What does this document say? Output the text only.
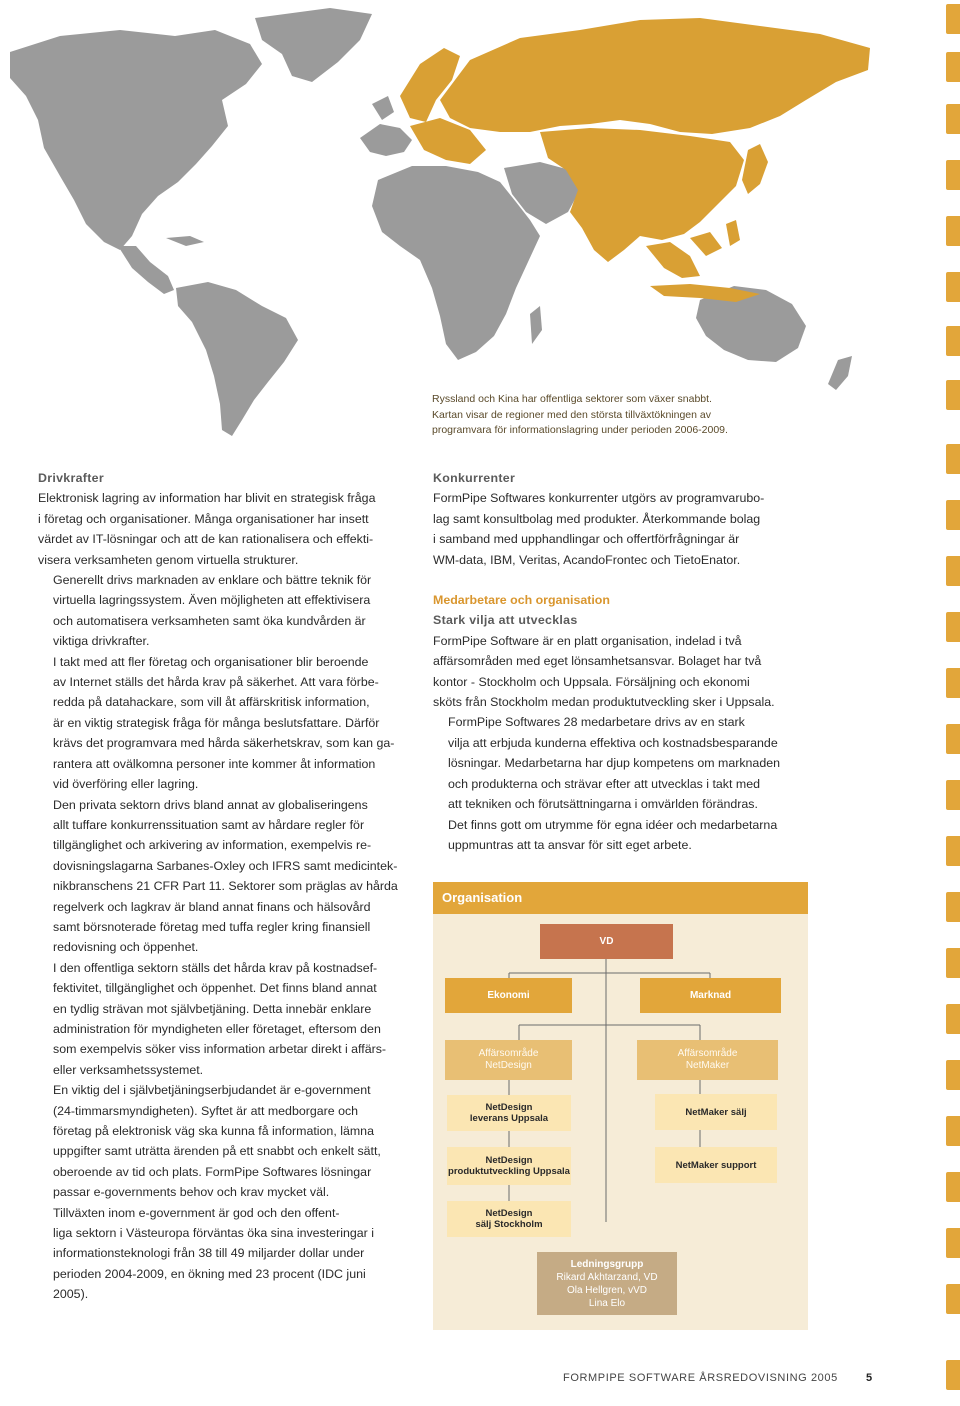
Ryssland och Kina har offentliga sektorer som växer snabbt.
Kartan visar de regioner med den största tillväxtökningen av
programvara för informationslagring under perioden 2006-2009.
Drivkrafter

Elektronisk lagring av information har blivit en strategisk fråga
i företag och organisationer. Många organisationer har insett
värdet av IT-lösningar och att de kan rationalisera och effekti-
visera verksamheten genom virtuella strukturer.

Generellt drivs marknaden av enklare och bättre teknik för
virtuella lagringssystem. Även möjligheten att effektivisera
och automatisera verksamheten samt öka kundvården är
viktiga drivkrafter.

I takt med att fler företag och organisationer blir beroende
av Internet ställs det hårda krav på säkerhet. Att vara förbe-
redda på datahackare, som vill åt affärskritisk information,
är en viktig strategisk fråga för många beslutsfattare. Därför
krävs det programvara med hårda säkerhetskrav, som kan ga-
rantera att ovälkomna personer inte kommer åt information
vid överföring eller lagring.

Den privata sektorn drivs bland annat av globaliseringens
allt tuffare konkurrenssituation samt av hårdare regler för
tillgänglighet och arkivering av information, exempelvis re-
dovisningslagarna Sarbanes-Oxley och IFRS samt medicintek-
nikbranschens 21 CFR Part 11. Sektorer som präglas av hårda
regelverk och lagkrav är bland annat finans och hälsovård
samt börsnoterade företag med tuffa regler kring finansiell
redovisning och öppenhet.

I den offentliga sektorn ställs det hårda krav på kostnadsef-
fektivitet, tillgänglighet och öppenhet. Det finns bland annat
en tydlig strävan mot självbetjäning. Detta innebär enklare
administration för myndigheten eller företaget, eftersom den
som exempelvis söker viss information arbetar direkt i affärs-
eller verksamhetssystemet.

En viktig del i självbetjäningserbjudandet är e-government
(24-timmarsmyndigheten). Syftet är att medborgare och
företag på elektronisk väg ska kunna få information, lämna
uppgifter samt uträtta ärenden på ett snabbt och enkelt sätt,
oberoende av tid och plats. FormPipe Softwares lösningar
passar e-governments behov och krav mycket väl.

Tillväxten inom e-government är god och den offent-
liga sektorn i Västeuropa förväntas öka sina investeringar i
informationsteknologi från 38 till 49 miljarder dollar under
perioden 2004-2009, en ökning med 23 procent (IDC juni
2005).

Konkurrenter
FormPipe Softwares konkurrenter utgörs av programvarubo-
lag samt konsultbolag med produkter. Återkommande bolag
i samband med upphandlingar och offertförfrågningar är
WM-data, IBM, Veritas, AcandoFrontec och TietoEnator.
Medarbetare och organisation
Stark vilja att utvecklas

FormPipe Software är en platt organisation, indelad i två
affärsområden med eget lönsamhetsansvar. Bolaget har två
kontor - Stockholm och Uppsala. Försäljning och ekonomi
sköts från Stockholm medan produktutveckling sker i Uppsala.

FormPipe Softwares 28 medarbetare drivs av en stark
vilja att erbjuda kunderna effektiva och kostnadsbesparande
lösningar. Medarbetarna har djup kompetens om marknaden
och produkterna och strävar efter att utvecklas i takt med
att tekniken och förutsättningarna i omvärlden förändras.
Det finns gott om utrymme för egna idéer och medarbetarna
uppmuntras att ta ansvar för sitt eget arbete.

Organisation
VD
Ekonomi	Marknad
Affärsområde
NetDesign
Affärsområde
NetMaker
NetDesign
leverans Uppsala
NetMaker sälj
NetDesign
produktutveckling Uppsala
NetMaker support
NetDesign
sälj Stockholm
Ledningsgrupp
Rikard Akhtarzand, VD
Ola Hellgren, vVD
Lina Elo
FORMPIPE SOFTWARE ÅRSREDOVISNING 2005	5
